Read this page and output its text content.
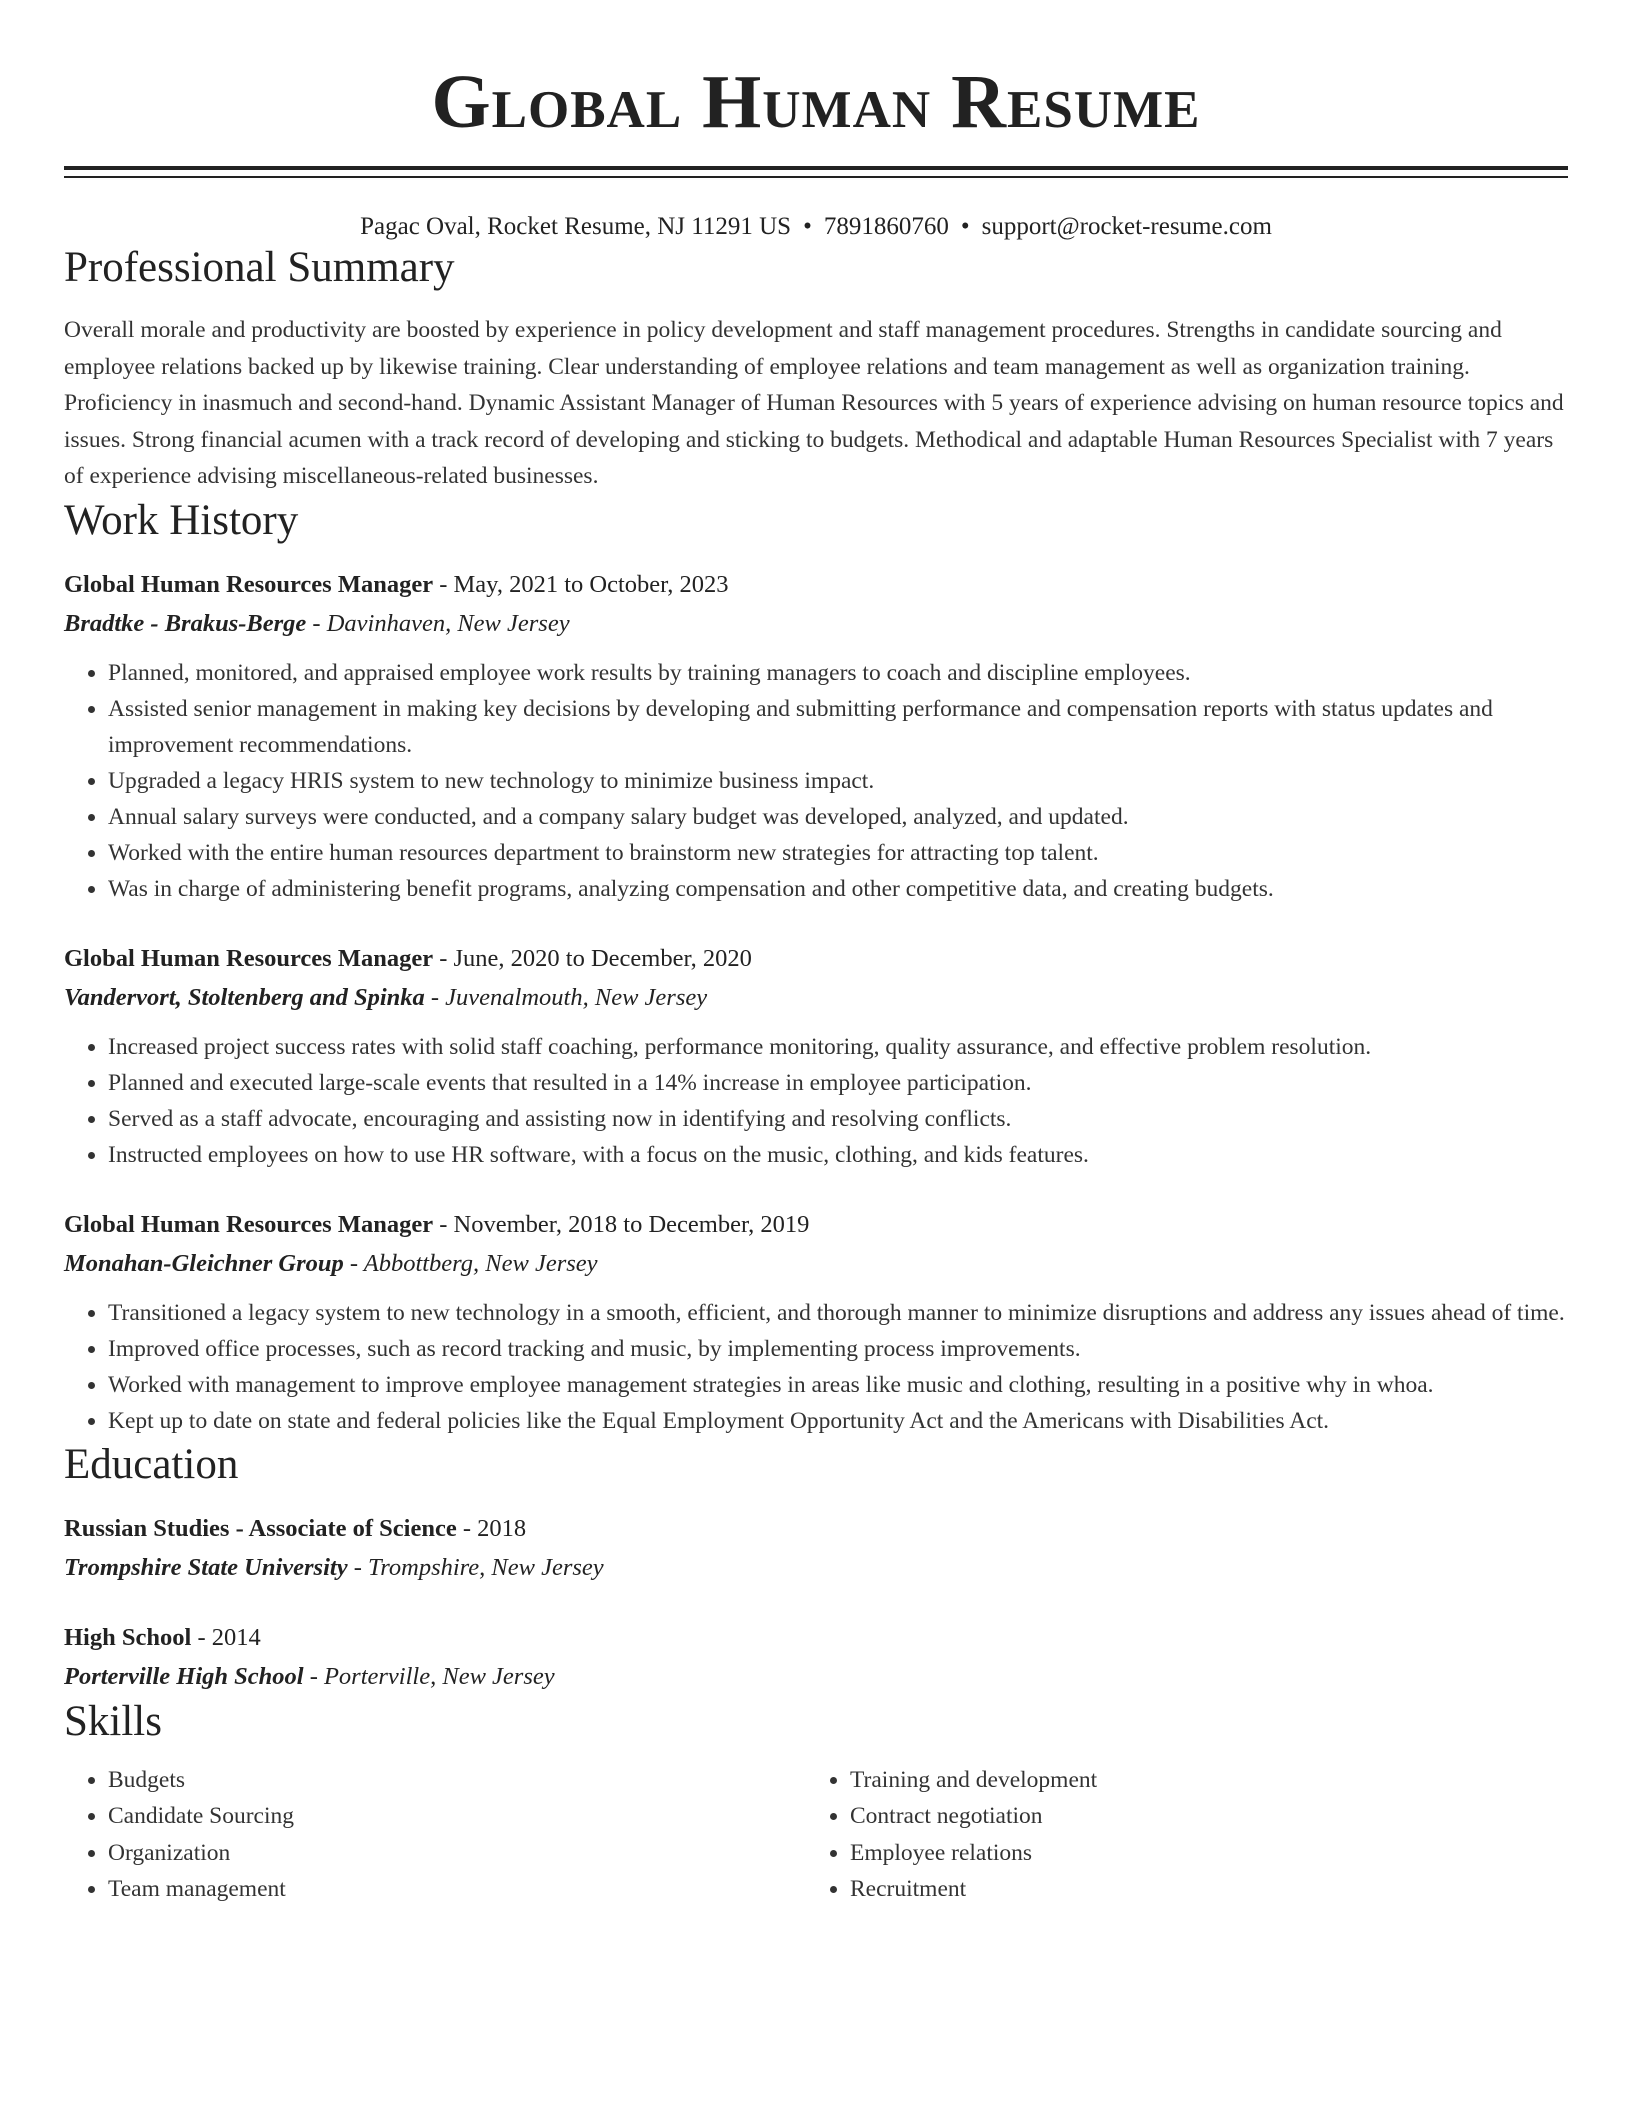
Global Human Resume
Pagac Oval, Rocket Resume, NJ 11291 US • 7891860760 • support@rocket-resume.com
Professional Summary

Overall morale and productivity are boosted by experience in policy development and staff management procedures. Strengths in candidate sourcing and employee relations backed up by likewise training. Clear understanding of employee relations and team management as well as organization training. Proficiency in inasmuch and second-hand. Dynamic Assistant Manager of Human Resources with 5 years of experience advising on human resource topics and issues. Strong financial acumen with a track record of developing and sticking to budgets. Methodical and adaptable Human Resources Specialist with 7 years of experience advising miscellaneous-related businesses.

Work History
Global Human Resources Manager - May, 2021 to October, 2023
Bradtke - Brakus-Berge - Davinhaven, New Jersey
• Planned, monitored, and appraised employee work results by training managers to coach and discipline employees.
• Assisted senior management in making key decisions by developing and submitting performance and compensation reports with status updates and improvement recommendations.
• Upgraded a legacy HRIS system to new technology to minimize business impact.
• Annual salary surveys were conducted, and a company salary budget was developed, analyzed, and updated.
• Worked with the entire human resources department to brainstorm new strategies for attracting top talent.
• Was in charge of administering benefit programs, analyzing compensation and other competitive data, and creating budgets.
Global Human Resources Manager - June, 2020 to December, 2020
Vandervort, Stoltenberg and Spinka - Juvenalmouth, New Jersey
• Increased project success rates with solid staff coaching, performance monitoring, quality assurance, and effective problem resolution.
• Planned and executed large-scale events that resulted in a 14% increase in employee participation.
• Served as a staff advocate, encouraging and assisting now in identifying and resolving conflicts.
• Instructed employees on how to use HR software, with a focus on the music, clothing, and kids features.
Global Human Resources Manager - November, 2018 to December, 2019
Monahan-Gleichner Group - Abbottberg, New Jersey
• Transitioned a legacy system to new technology in a smooth, efficient, and thorough manner to minimize disruptions and address any issues ahead of time.
• Improved office processes, such as record tracking and music, by implementing process improvements.
• Worked with management to improve employee management strategies in areas like music and clothing, resulting in a positive why in whoa.
• Kept up to date on state and federal policies like the Equal Employment Opportunity Act and the Americans with Disabilities Act.
Education
Russian Studies - Associate of Science - 2018
Trompshire State University - Trompshire, New Jersey
High School - 2014
Porterville High School - Porterville, New Jersey
Skills
• Budgets
• Candidate Sourcing
• Organization
• Team management
• Training and development
• Contract negotiation
• Employee relations
• Recruitment
